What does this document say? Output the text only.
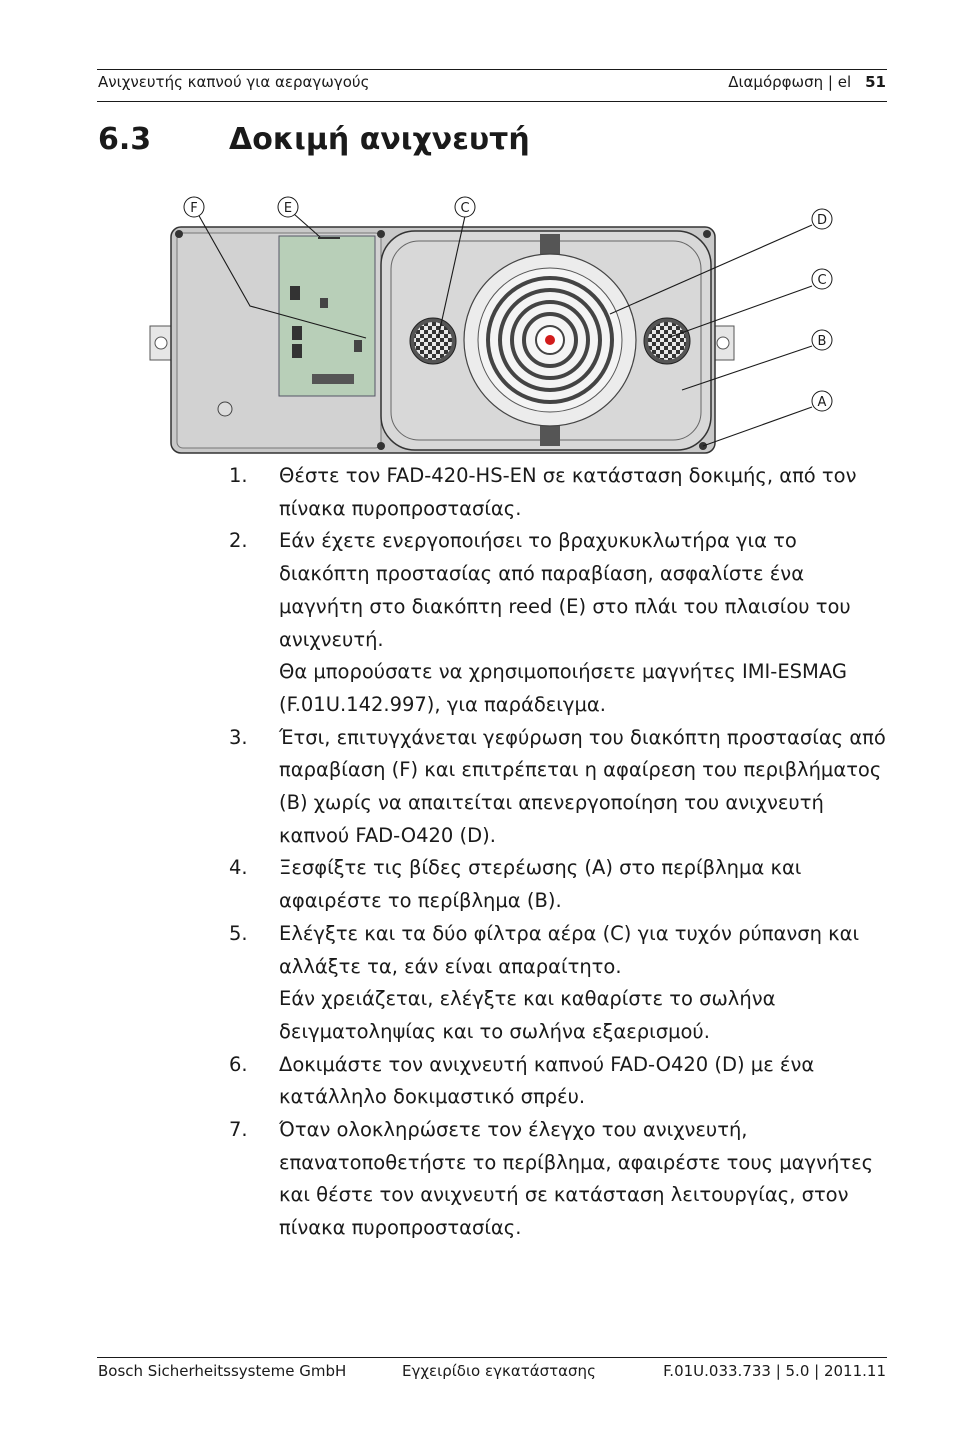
Ανιχνευτής καπνού για αεραγωγούς	Διαμόρφωση | el 51
6.3	Δοκιμή ανιχνευτή
F	E	C
D
C
B
A
1. Θέστε τον FAD-420-HS-EN σε κατάσταση δοκιμής, από τον πίνακα πυροπροστασίας.
2. Εάν έχετε ενεργοποιήσει το βραχυκυκλωτήρα για το διακόπτη προστασίας από παραβίαση, ασφαλίστε ένα μαγνήτη στο διακόπτη reed (E) στο πλάι του πλαισίου του ανιχνευτή.
Θα μπορούσατε να χρησιμοποιήσετε μαγνήτες IMI-ESMAG (F.01U.142.997), για παράδειγμα.
3. Έτσι, επιτυγχάνεται γεφύρωση του διακόπτη προστασίας από παραβίαση (F) και επιτρέπεται η αφαίρεση του περιβλήματος (B) χωρίς να απαιτείται απενεργοποίηση του ανιχνευτή καπνού FAD-O420 (D).
4. Ξεσφίξτε τις βίδες στερέωσης (A) στο περίβλημα και αφαιρέστε το περίβλημα (B).
5. Ελέγξτε και τα δύο φίλτρα αέρα (C) για τυχόν ρύπανση και αλλάξτε τα, εάν είναι απαραίτητο.
Εάν χρειάζεται, ελέγξτε και καθαρίστε το σωλήνα δειγματοληψίας και το σωλήνα εξαερισμού.
6. Δοκιμάστε τον ανιχνευτή καπνού FAD-O420 (D) με ένα κατάλληλο δοκιμαστικό σπρέυ.
7. Όταν ολοκληρώσετε τον έλεγχο του ανιχνευτή, επανατοποθετήστε το περίβλημα, αφαιρέστε τους μαγνήτες και θέστε τον ανιχνευτή σε κατάσταση λειτουργίας, στον πίνακα πυροπροστασίας.
Bosch Sicherheitssysteme GmbH	Εγχειρίδιο εγκατάστασης	F.01U.033.733 | 5.0 | 2011.11
